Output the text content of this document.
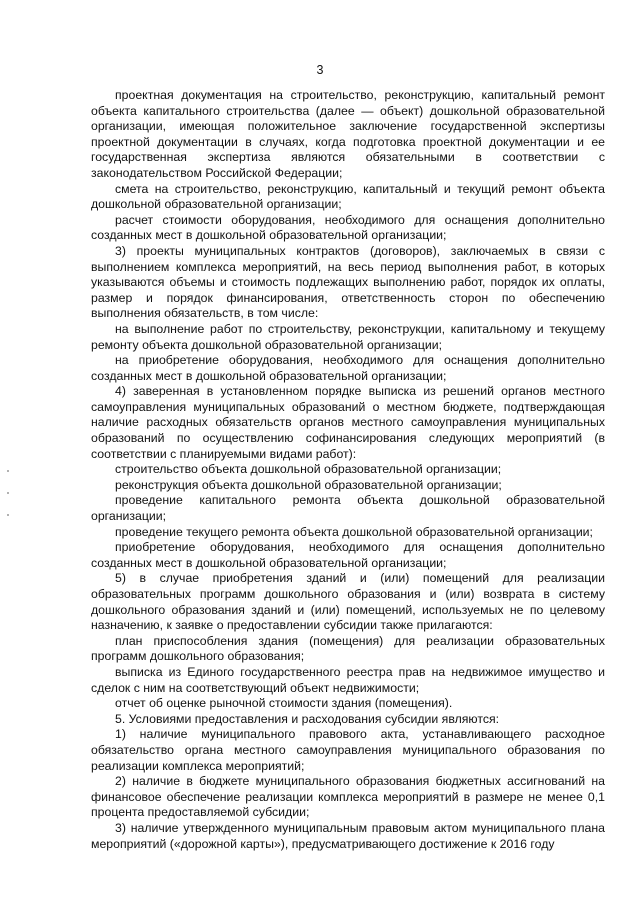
3

проектная документация на строительство, реконструкцию, капитальный ремонт объекта капитального строительства (далее — объект) дошкольной образовательной организации, имеющая положительное заключение государственной экспертизы проектной документации в случаях, когда подготовка проектной документации и ее государственная экспертиза являются обязательными в соответствии с законодательством Российской Федерации;

смета на строительство, реконструкцию, капитальный и текущий ремонт объекта дошкольной образовательной организации;

расчет стоимости оборудования, необходимого для оснащения дополнительно созданных мест в дошкольной образовательной организации;

3) проекты муниципальных контрактов (договоров), заключаемых в связи с выполнением комплекса мероприятий, на весь период выполнения работ, в которых указываются объемы и стоимость подлежащих выполнению работ, порядок их оплаты, размер и порядок финансирования, ответственность сторон по обеспечению выполнения обязательств, в том числе:

на выполнение работ по строительству, реконструкции, капитальному и текущему ремонту объекта дошкольной образовательной организации;

на приобретение оборудования, необходимого для оснащения дополнительно созданных мест в дошкольной образовательной организации;

4) заверенная в установленном порядке выписка из решений органов местного самоуправления муниципальных образований о местном бюджете, подтверждающая наличие расходных обязательств органов местного самоуправления муниципальных образований по осуществлению софинансирования следующих мероприятий (в соответствии с планируемыми видами работ):

строительство объекта дошкольной образовательной организации;

реконструкция объекта дошкольной образовательной организации;

проведение капитального ремонта объекта дошкольной образовательной организации;

проведение текущего ремонта объекта дошкольной образовательной организации;

приобретение оборудования, необходимого для оснащения дополнительно созданных мест в дошкольной образовательной организации;

5) в случае приобретения зданий и (или) помещений для реализации образовательных программ дошкольного образования и (или) возврата в систему дошкольного образования зданий и (или) помещений, используемых не по целевому назначению, к заявке о предоставлении субсидии также прилагаются:

план приспособления здания (помещения) для реализации образовательных программ дошкольного образования;

выписка из Единого государственного реестра прав на недвижимое имущество и сделок с ним на соответствующий объект недвижимости;

отчет об оценке рыночной стоимости здания (помещения).

5. Условиями предоставления и расходования субсидии являются:

1) наличие муниципального правового акта, устанавливающего расходное обязательство органа местного самоуправления муниципального образования по реализации комплекса мероприятий;

2) наличие в бюджете муниципального образования бюджетных ассигнований на финансовое обеспечение реализации комплекса мероприятий в размере не менее 0,1 процента предоставляемой субсидии;

3) наличие утвержденного муниципальным правовым актом муниципального плана мероприятий («дорожной карты»), предусматривающего достижение к 2016 году
